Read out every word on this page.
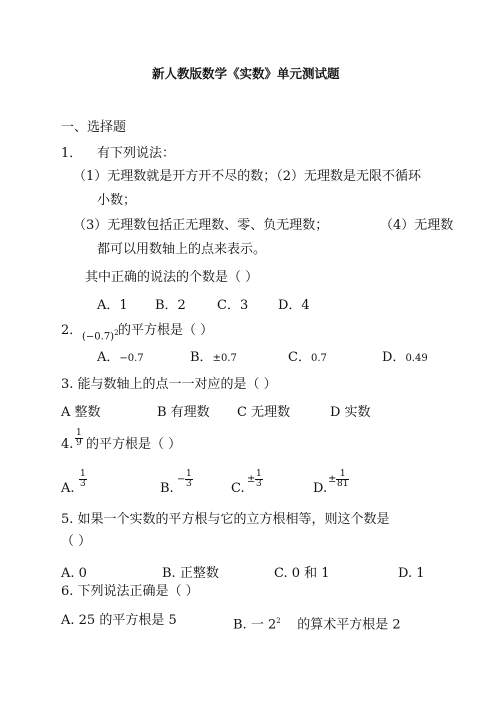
新人教版数学《实数》单元测试题
一、选择题
1． 有下列说法：
（1）无理数就是开方开不尽的数；（2）无理数是无限不循环
小数；
（3）无理数包括正无理数、零、负无理数；	（4）无理数
都可以用数轴上的点来表示。
其中正确的说法的个数是（ ）
A．1 B．2 C．3 D．4
2． $(-0.7)^2$ 的平方根是（ ）
A．−0.7	B．±0.7	C．0.7	D．0.49
3. 能与数轴上的点一一对应的是（ ）
A 整数	B 有理数 C 无理数	D 实数
4. $\frac{1}{9}$ 的平方根是（ ）
A. $\frac{1}{3}$	B.
− $\frac{1}{3}$	C.
± $\frac{1}{3}$	D.
± $\frac{1}{81}$
5. 如果一个实数的平方根与它的立方根相等，则这个数是
（ ）
A. 0	B. 正整数	C. 0 和 1	D. 1
6. 下列说法正确是（ ）
A. 25 的平方根是 5	B. 一 $2^2$ 的算术平方根是 2
